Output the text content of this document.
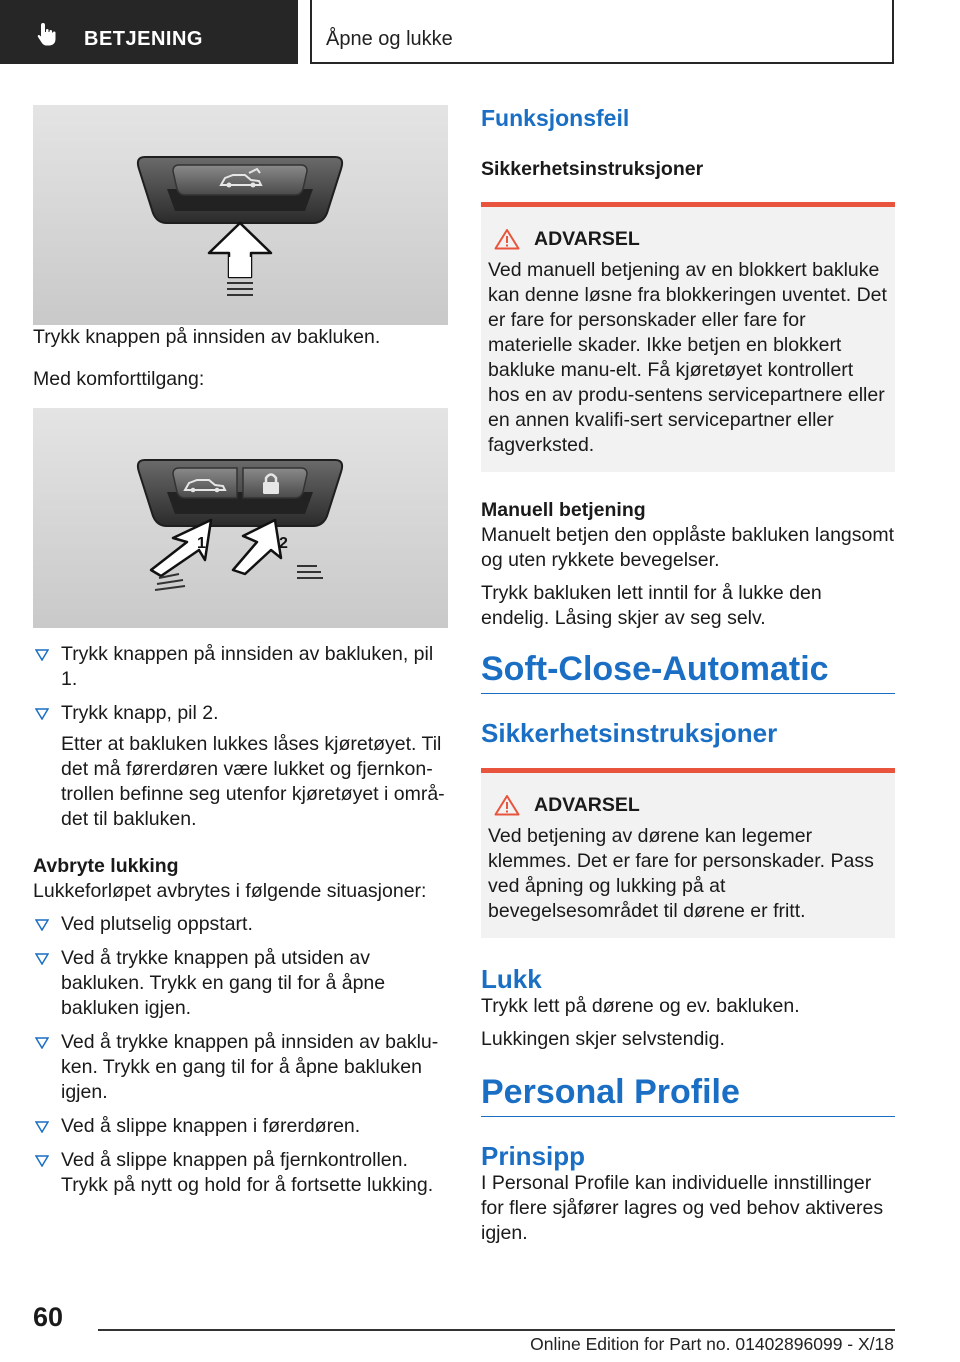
BETJENING	Åpne og lukke

Trykk knappen på innsiden av bakluken.

Med komforttilgang:

1	2
Trykk knappen på innsiden av bakluken, pil 1.
Trykk knapp, pil 2.
Etter at bakluken lukkes låses kjøretøyet. Til det må førerdøren være lukket og fjernkon-trollen befinne seg utenfor kjøretøyet i områ-det til bakluken.

Avbryte lukking

Lukkeforløpet avbrytes i følgende situasjoner:

Ved plutselig oppstart.
Ved å trykke knappen på utsiden av bakluken. Trykk en gang til for å åpne bakluken igjen.
Ved å trykke knappen på innsiden av baklu-ken. Trykk en gang til for å åpne bakluken igjen.
Ved å slippe knappen i førerdøren.
Ved å slippe knappen på fjernkontrollen. Trykk på nytt og hold for å fortsette lukking.

Funksjonsfeil

Sikkerhetsinstruksjoner

ADVARSEL

Ved manuell betjening av en blokkert bakluke kan denne løsne fra blokkeringen uventet. Det er fare for personskader eller fare for materielle skader. Ikke betjen en blokkert bakluke manu-elt. Få kjøretøyet kontrollert hos en av produ-sentens servicepartnere eller en annen kvalifi-sert servicepartner eller fagverksted.

Manuell betjening

Manuelt betjen den opplåste bakluken langsomt og uten rykkete bevegelser.

Trykk bakluken lett inntil for å lukke den endelig. Låsing skjer av seg selv.

Soft-Close-Automatic
Sikkerhetsinstruksjoner
ADVARSEL

Ved betjening av dørene kan legemer klemmes. Det er fare for personskader. Pass ved åpning og lukking på at bevegelsesområdet til dørene er fritt.

Lukk

Trykk lett på dørene og ev. bakluken.

Lukkingen skjer selvstendig.

Personal Profile
Prinsipp

I Personal Profile kan individuelle innstillinger for flere sjåfører lagres og ved behov aktiveres igjen.

60
Online Edition for Part no. 01402896099 - X/18
